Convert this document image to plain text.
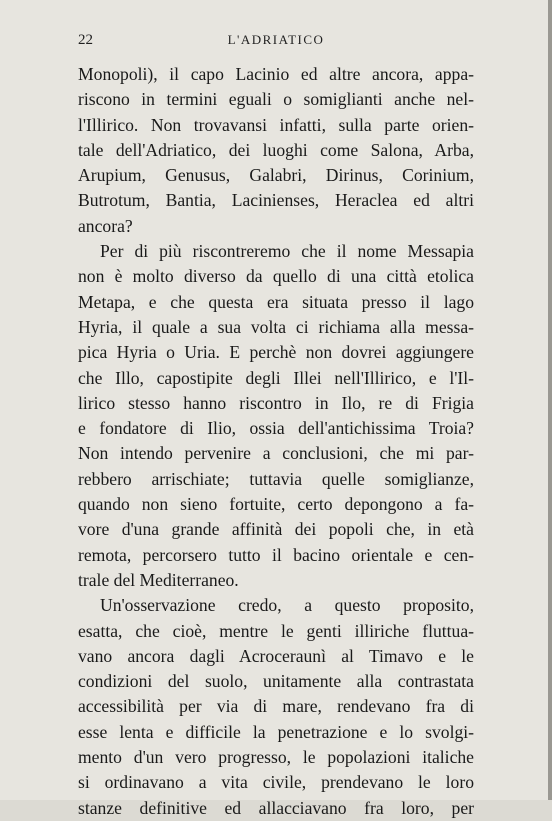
22	L'ADRIATICO
Monopoli), il capo Lacinio ed altre ancora, appa-
riscono in termini eguali o somiglianti anche nel-
l'Illirico. Non trovavansi infatti, sulla parte orien-
tale dell'Adriatico, dei luoghi come Salona, Arba,
Arupium, Genusus, Galabri, Dirinus, Corinium,
Butrotum, Bantia, Lacinienses, Heraclea ed altri
ancora?
Per di più riscontreremo che il nome Messapia
non è molto diverso da quello di una città etolica
Metapa, e che questa era situata presso il lago
Hyria, il quale a sua volta ci richiama alla messa-
pica Hyria o Uria. E perchè non dovrei aggiungere
che Illo, capostipite degli Illei nell'Illirico, e l'Il-
lirico stesso hanno riscontro in Ilo, re di Frigia
e fondatore di Ilio, ossia dell'antichissima Troia?
Non intendo pervenire a conclusioni, che mi par-
rebbero arrischiate; tuttavia quelle somiglianze,
quando non sieno fortuite, certo depongono a fa-
vore d'una grande affinità dei popoli che, in età
remota, percorsero tutto il bacino orientale e cen-
trale del Mediterraneo.
Un'osservazione credo, a questo proposito,
esatta, che cioè, mentre le genti illiriche fluttua-
vano ancora dagli Acroceraunì al Timavo e le
condizioni del suolo, unitamente alla contrastata
accessibilità per via di mare, rendevano fra di
esse lenta e difficile la penetrazione e lo svolgi-
mento d'un vero progresso, le popolazioni italiche
si ordinavano a vita civile, prendevano le loro
stanze definitive ed allacciavano fra loro, per
